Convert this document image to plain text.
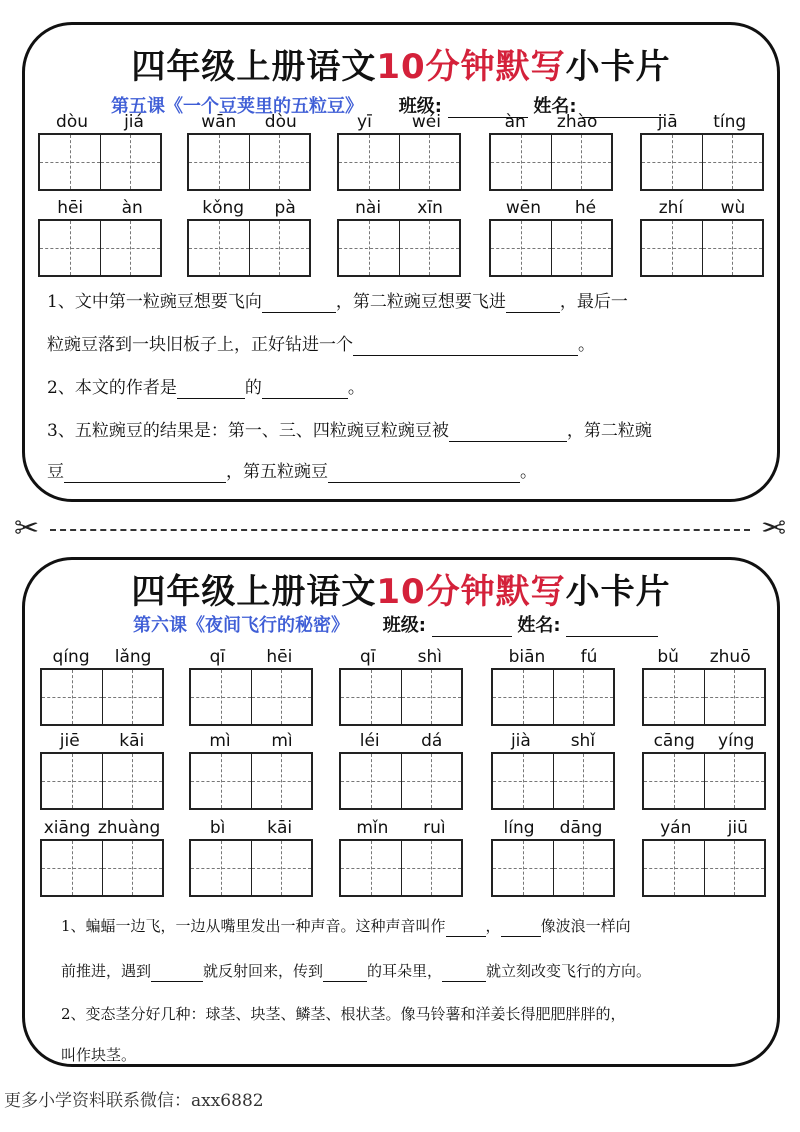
四年级上册语文10分钟默写小卡片
第五课《一个豆荚里的五粒豆》 班级:	姓名:
dòu jiá	wān dòu	yī wéi	àn zhào	jiā tíng
hēi àn	kǒng pà	nài xīn	wēn hé	zhí wù
1、文中第一粒豌豆想要飞向	，第二粒豌豆想要飞进	，最后一
粒豌豆落到一块旧板子上，正好钻进一个	。
2、本文的作者是	的	。
3、五粒豌豆的结果是：第一、三、四粒豌豆粒豌豆被	，第二粒豌
豆	，第五粒豌豆	。
✂	✂
四年级上册语文10分钟默写小卡片
第六课《夜间飞行的秘密》 班级:	姓名:
qíng lǎng	qī hēi	qī shì	biān fú	bǔ zhuō
jiē kāi	mì mì	léi dá	jià shǐ	cāng yíng
xiāng zhuàng	bì kāi	mǐn ruì	líng dāng	yán jiū
1、蝙蝠一边飞，一边从嘴里发出一种声音。这种声音叫作	，	像波浪一样向
前推进，遇到	就反射回来，传到	的耳朵里，	就立刻改变飞行的方向。
2、变态茎分好几种：球茎、块茎、鳞茎、根状茎。像马铃薯和洋姜长得肥肥胖胖的，
叫作块茎。
更多小学资料联系微信：axx6882
